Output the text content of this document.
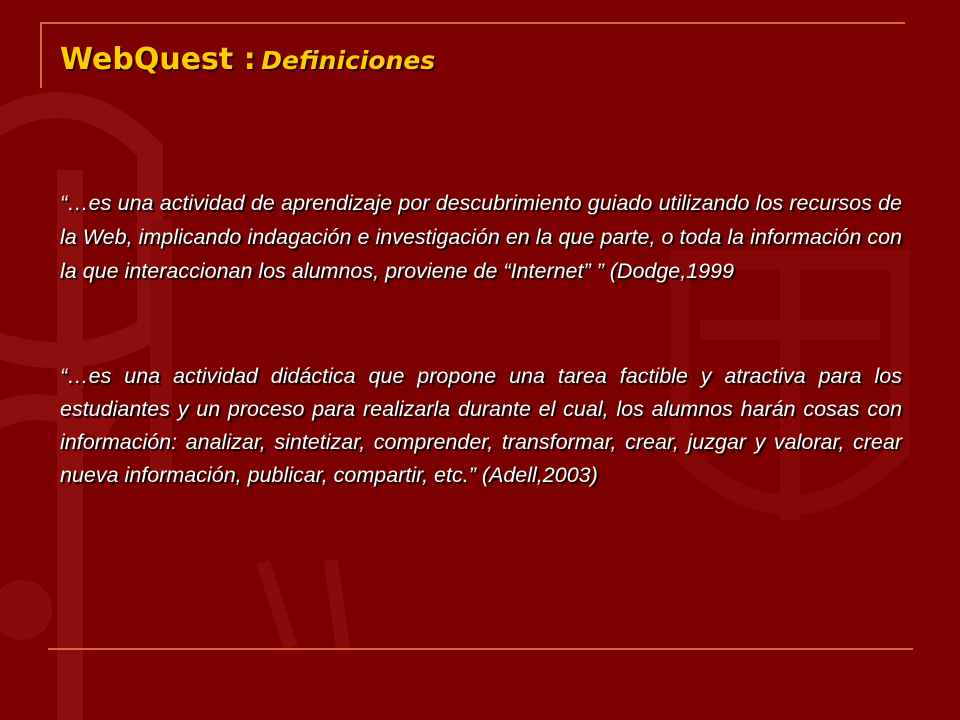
WebQuest : Definiciones
“…es una actividad de aprendizaje por descubrimiento guiado utilizando los recursos de la Web, implicando indagación e investigación en la que parte, o toda la información con la que interaccionan los alumnos, proviene de “Internet” ” (Dodge,1999
“…es una actividad didáctica que propone una tarea factible y atractiva para los estudiantes y un proceso para realizarla durante el cual, los alumnos harán cosas con información: analizar, sintetizar, comprender, transformar, crear, juzgar y valorar, crear nueva información, publicar, compartir, etc.” (Adell,2003)
